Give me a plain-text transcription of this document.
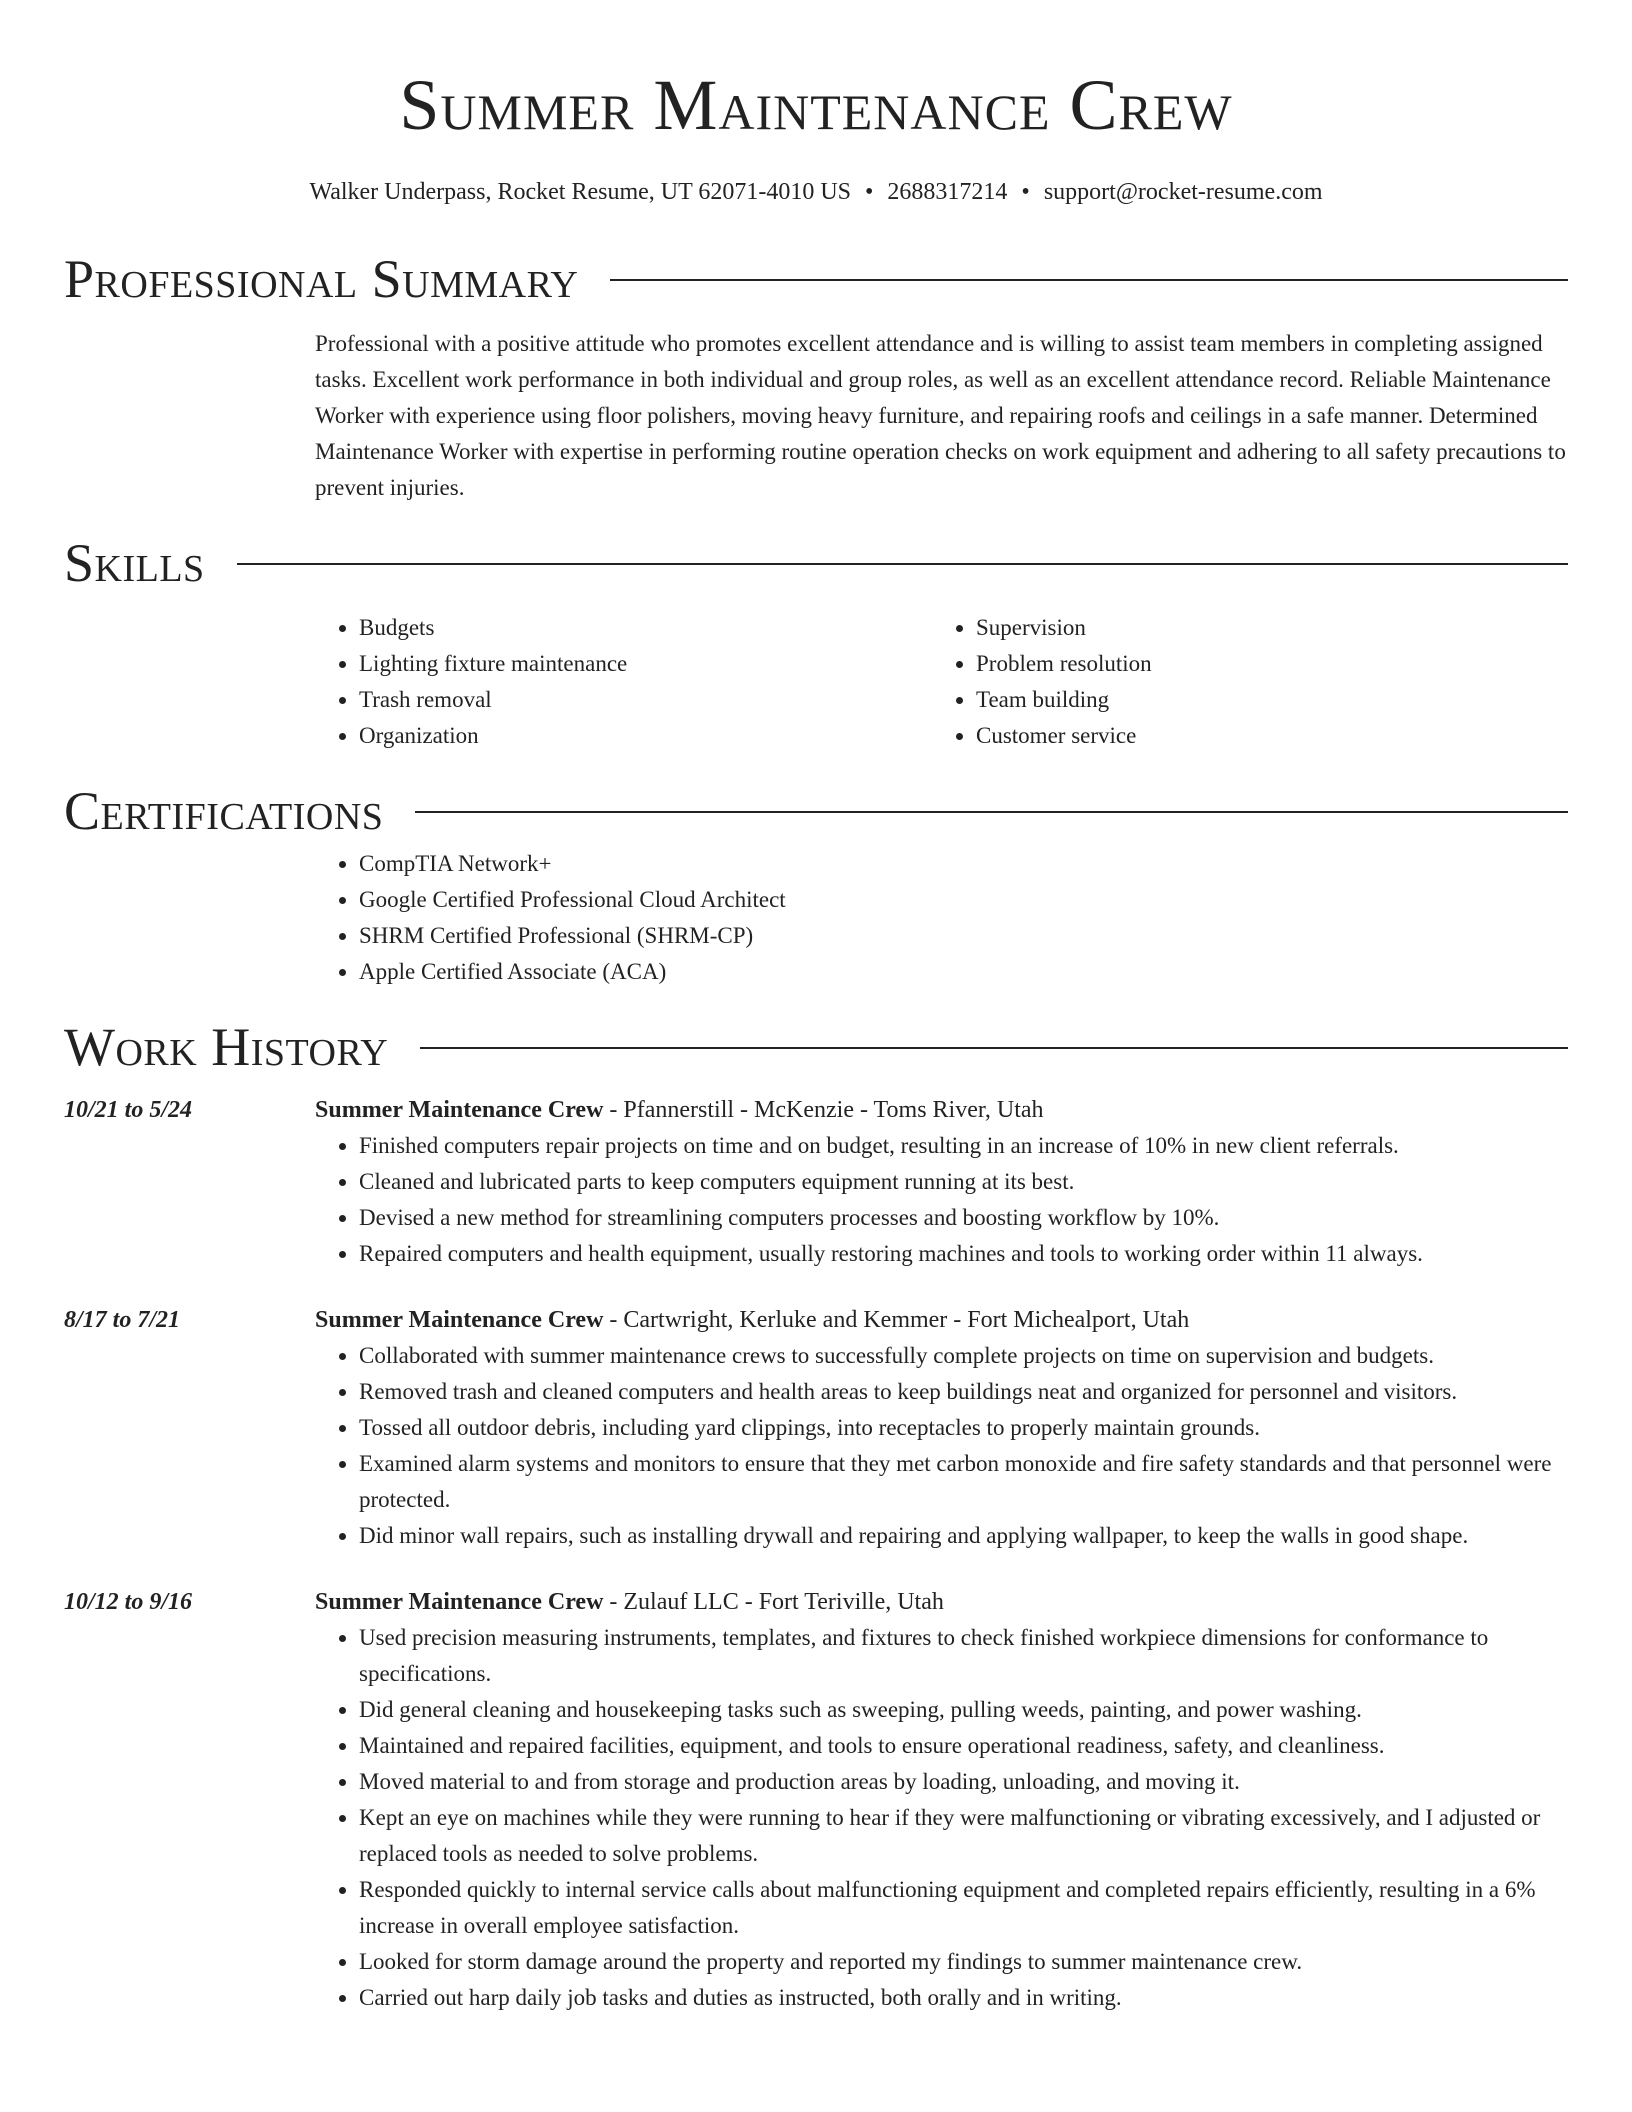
Summer Maintenance Crew
Walker Underpass, Rocket Resume, UT 62071-4010 US • 2688317214 • support@rocket-resume.com
Professional Summary

Professional with a positive attitude who promotes excellent attendance and is willing to assist team members in completing assigned tasks. Excellent work performance in both individual and group roles, as well as an excellent attendance record. Reliable Maintenance Worker with experience using floor polishers, moving heavy furniture, and repairing roofs and ceilings in a safe manner. Determined Maintenance Worker with expertise in performing routine operation checks on work equipment and adhering to all safety precautions to prevent injuries.

Skills
• Budgets
• Lighting fixture maintenance
• Trash removal
• Organization
• Supervision
• Problem resolution
• Team building
• Customer service
Certifications
• CompTIA Network+
• Google Certified Professional Cloud Architect
• SHRM Certified Professional (SHRM-CP)
• Apple Certified Associate (ACA)
Work History
10/21 to 5/24	Summer Maintenance Crew - Pfannerstill - McKenzie - Toms River, Utah
• Finished computers repair projects on time and on budget, resulting in an increase of 10% in new client referrals.
• Cleaned and lubricated parts to keep computers equipment running at its best.
• Devised a new method for streamlining computers processes and boosting workflow by 10%.
• Repaired computers and health equipment, usually restoring machines and tools to working order within 11 always.
8/17 to 7/21	Summer Maintenance Crew - Cartwright, Kerluke and Kemmer - Fort Michealport, Utah
• Collaborated with summer maintenance crews to successfully complete projects on time on supervision and budgets.
• Removed trash and cleaned computers and health areas to keep buildings neat and organized for personnel and visitors.
• Tossed all outdoor debris, including yard clippings, into receptacles to properly maintain grounds.
• Examined alarm systems and monitors to ensure that they met carbon monoxide and fire safety standards and that personnel were protected.
• Did minor wall repairs, such as installing drywall and repairing and applying wallpaper, to keep the walls in good shape.
10/12 to 9/16	Summer Maintenance Crew - Zulauf LLC - Fort Teriville, Utah
• Used precision measuring instruments, templates, and fixtures to check finished workpiece dimensions for conformance to specifications.
• Did general cleaning and housekeeping tasks such as sweeping, pulling weeds, painting, and power washing.
• Maintained and repaired facilities, equipment, and tools to ensure operational readiness, safety, and cleanliness.
• Moved material to and from storage and production areas by loading, unloading, and moving it.
• Kept an eye on machines while they were running to hear if they were malfunctioning or vibrating excessively, and I adjusted or replaced tools as needed to solve problems.
• Responded quickly to internal service calls about malfunctioning equipment and completed repairs efficiently, resulting in a 6% increase in overall employee satisfaction.
• Looked for storm damage around the property and reported my findings to summer maintenance crew.
• Carried out harp daily job tasks and duties as instructed, both orally and in writing.
